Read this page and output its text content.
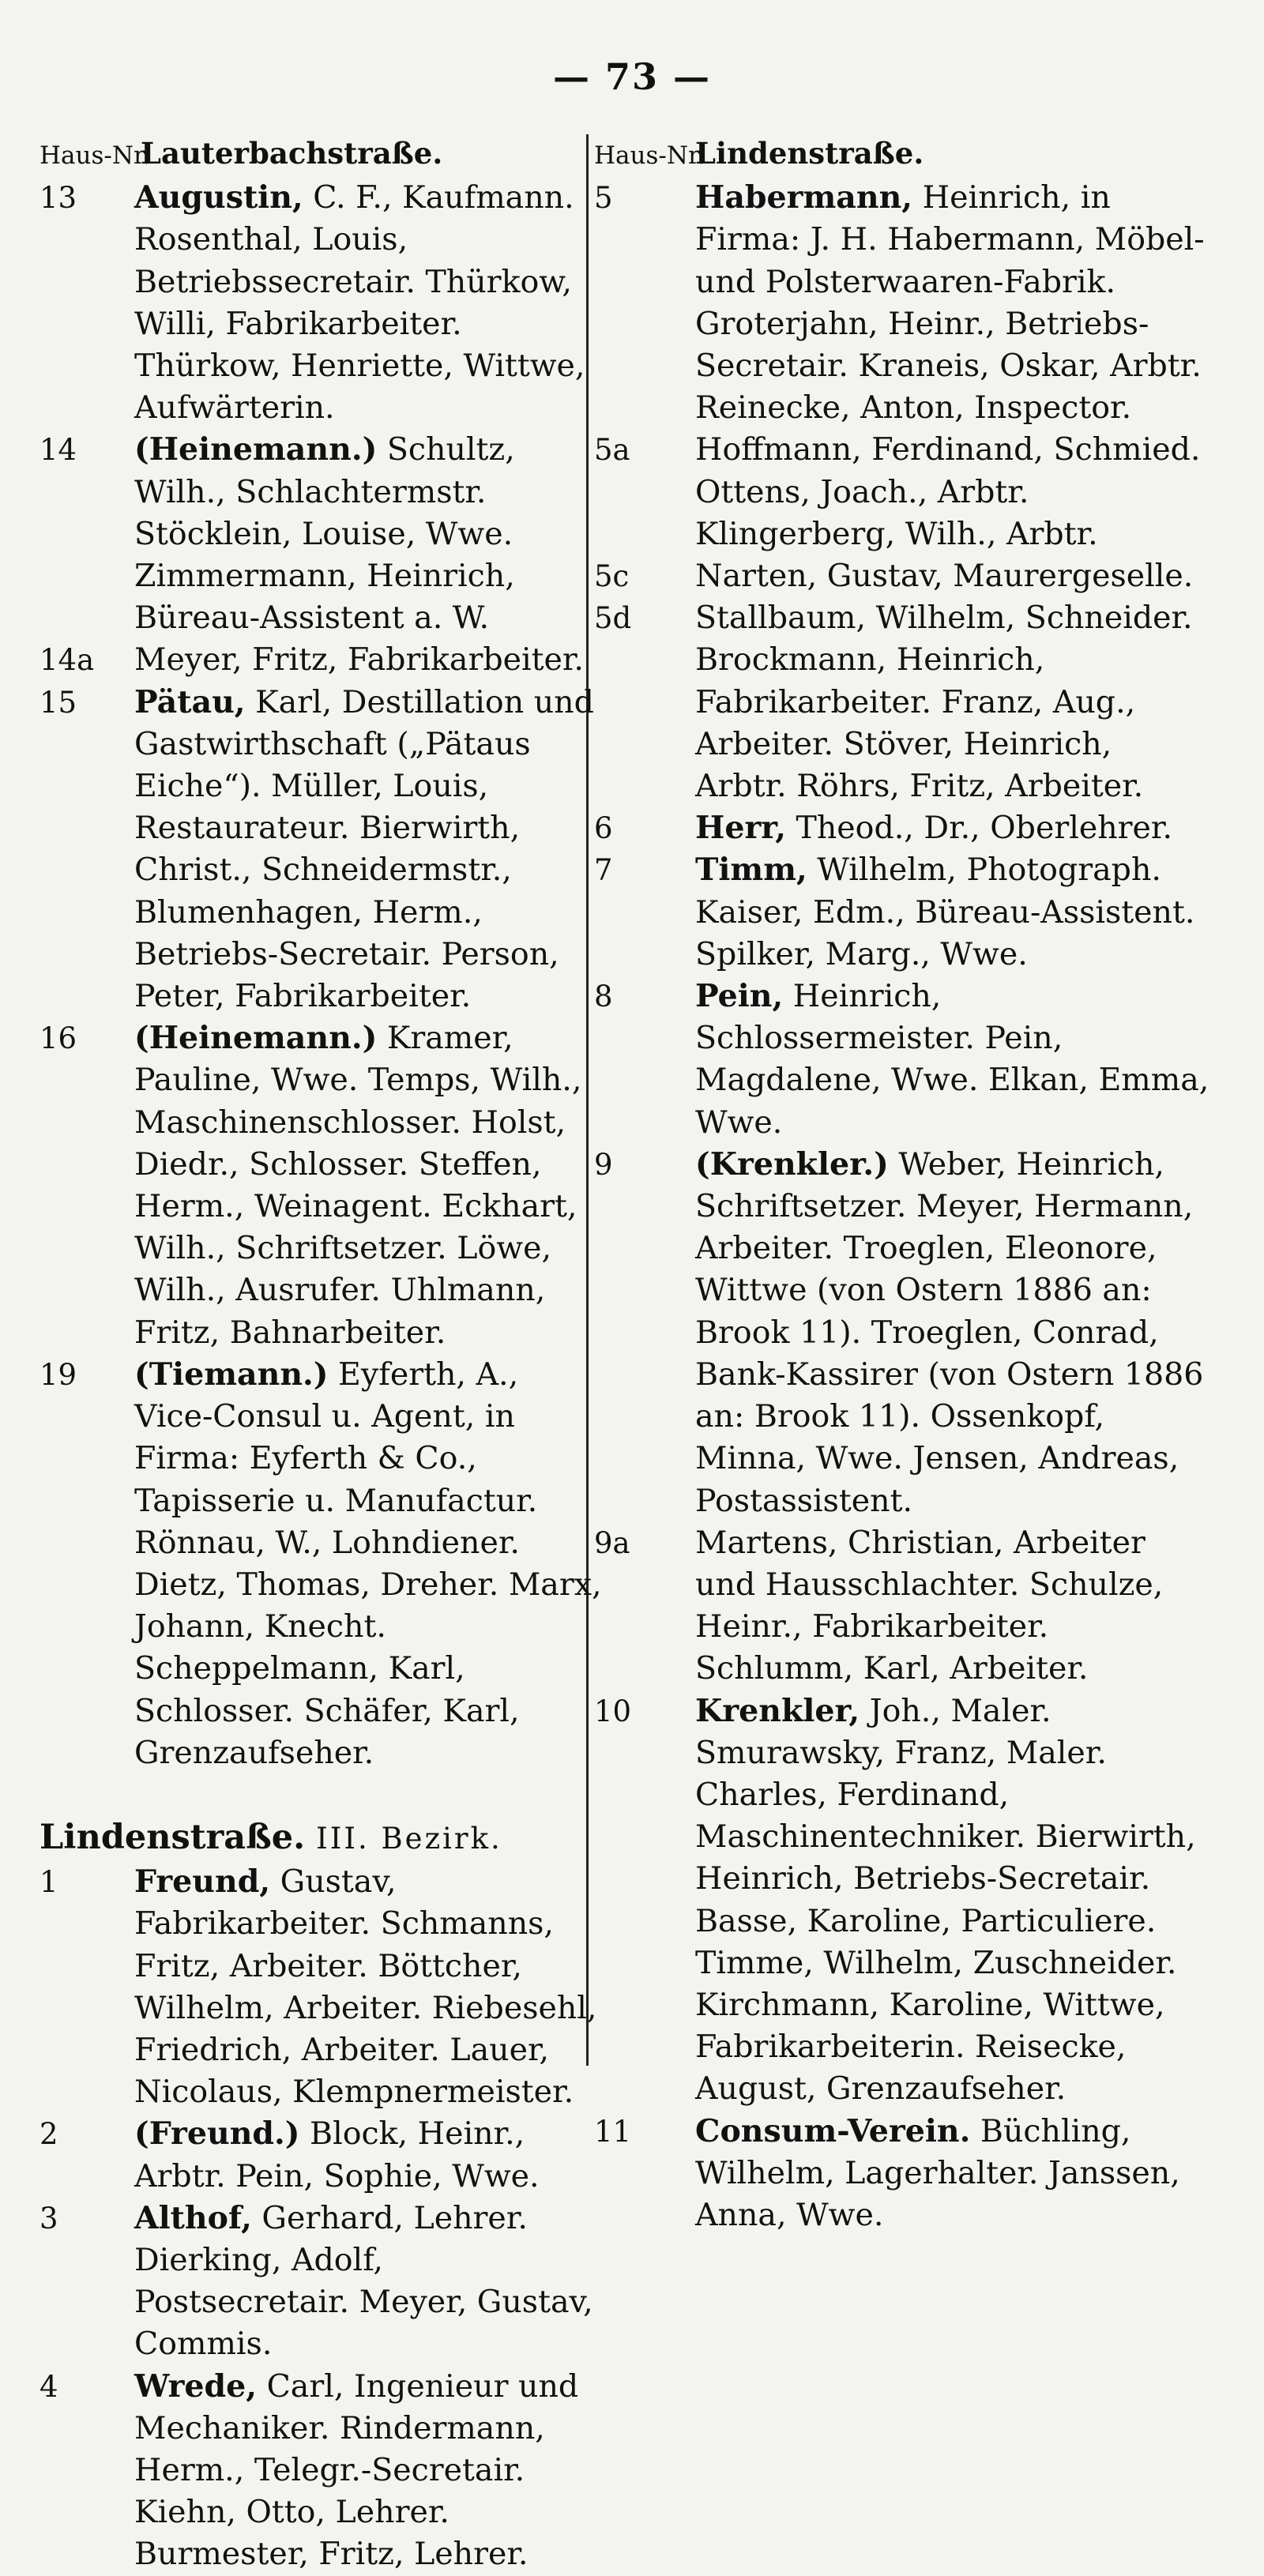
— 73 —
Haus-Nr.Lauterbachstraße.
13	Augustin, C. F., Kaufmann. Rosenthal, Louis, Betriebssecretair. Thürkow, Willi, Fabrikarbeiter. Thürkow, Henriette, Wittwe, Aufwärterin.
14	(Heinemann.) Schultz, Wilh., Schlachtermstr. Stöcklein, Louise, Wwe. Zimmermann, Heinrich, Büreau-Assistent a. W.
14a	Meyer, Fritz, Fabrikarbeiter.
15	Pätau, Karl, Destillation und Gastwirthschaft („Pätaus Eiche“). Müller, Louis, Restaurateur. Bierwirth, Christ., Schneidermstr., Blumenhagen, Herm., Betriebs-Secretair. Person, Peter, Fabrikarbeiter.
16	(Heinemann.) Kramer, Pauline, Wwe. Temps, Wilh., Maschinenschlosser. Holst, Diedr., Schlosser. Steffen, Herm., Weinagent. Eckhart, Wilh., Schriftsetzer. Löwe, Wilh., Ausrufer. Uhlmann, Fritz, Bahnarbeiter.
19	(Tiemann.) Eyferth, A., Vice-Consul u. Agent, in Firma: Eyferth & Co., Tapisserie u. Manufactur. Rönnau, W., Lohndiener. Dietz, Thomas, Dreher. Marx, Johann, Knecht. Scheppelmann, Karl, Schlosser. Schäfer, Karl, Grenzaufseher.
Lindenstraße. III. Bezirk.
1	Freund, Gustav, Fabrikarbeiter. Schmanns, Fritz, Arbeiter. Böttcher, Wilhelm, Arbeiter. Riebesehl, Friedrich, Arbeiter. Lauer, Nicolaus, Klempnermeister.
2	(Freund.) Block, Heinr., Arbtr. Pein, Sophie, Wwe.
3	Althof, Gerhard, Lehrer. Dierking, Adolf, Postsecretair. Meyer, Gustav, Commis.
4	Wrede, Carl, Ingenieur und Mechaniker. Rindermann, Herm., Telegr.-Secretair. Kiehn, Otto, Lehrer. Burmester, Fritz, Lehrer.
Haus-Nr.Lindenstraße.
5	Habermann, Heinrich, in Firma: J. H. Habermann, Möbel- und Polsterwaaren-Fabrik. Groterjahn, Heinr., Betriebs-Secretair. Kraneis, Oskar, Arbtr. Reinecke, Anton, Inspector.
5a	Hoffmann, Ferdinand, Schmied. Ottens, Joach., Arbtr. Klingerberg, Wilh., Arbtr.
5c	Narten, Gustav, Maurergeselle.
5d	Stallbaum, Wilhelm, Schneider. Brockmann, Heinrich, Fabrikarbeiter. Franz, Aug., Arbeiter. Stöver, Heinrich, Arbtr. Röhrs, Fritz, Arbeiter.
6	Herr, Theod., Dr., Oberlehrer.
7	Timm, Wilhelm, Photograph. Kaiser, Edm., Büreau-Assistent. Spilker, Marg., Wwe.
8	Pein, Heinrich, Schlossermeister. Pein, Magdalene, Wwe. Elkan, Emma, Wwe.
9	(Krenkler.) Weber, Heinrich, Schriftsetzer. Meyer, Hermann, Arbeiter. Troeglen, Eleonore, Wittwe (von Ostern 1886 an: Brook 11). Troeglen, Conrad, Bank-Kassirer (von Ostern 1886 an: Brook 11). Ossenkopf, Minna, Wwe. Jensen, Andreas, Postassistent.
9a	Martens, Christian, Arbeiter und Hausschlachter. Schulze, Heinr., Fabrikarbeiter. Schlumm, Karl, Arbeiter.
10	Krenkler, Joh., Maler. Smurawsky, Franz, Maler. Charles, Ferdinand, Maschinentechniker. Bierwirth, Heinrich, Betriebs-Secretair. Basse, Karoline, Particuliere. Timme, Wilhelm, Zuschneider. Kirchmann, Karoline, Wittwe, Fabrikarbeiterin. Reisecke, August, Grenzaufseher.
11	Consum-Verein. Büchling, Wilhelm, Lagerhalter. Janssen, Anna, Wwe.
